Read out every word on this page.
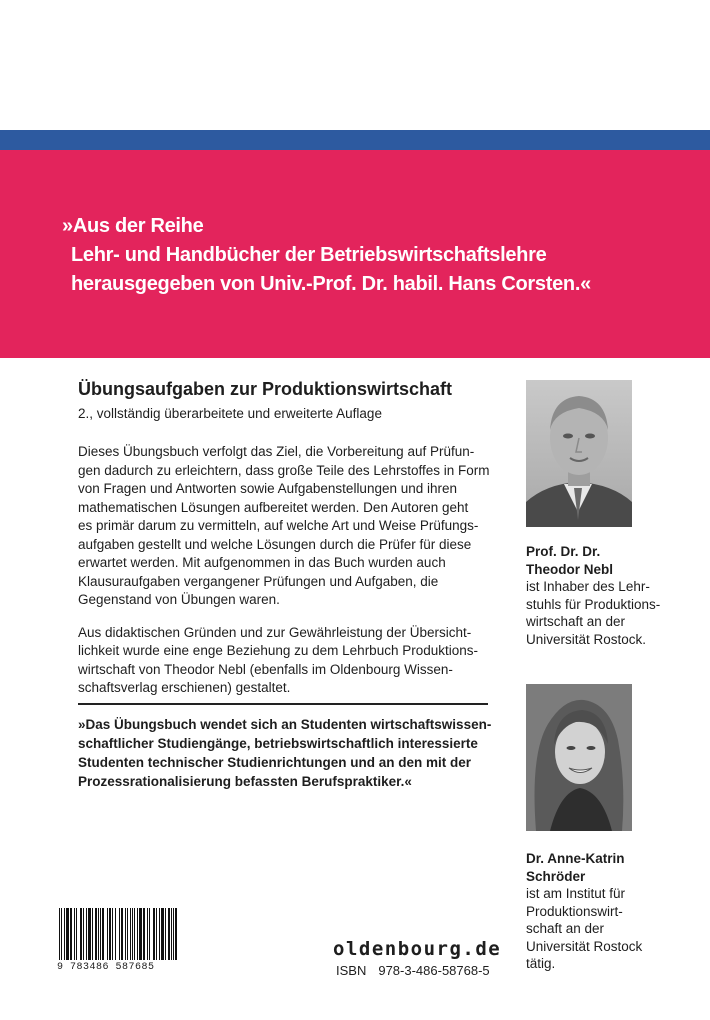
»Aus der Reihe
Lehr- und Handbücher der Betriebswirtschaftslehre
herausgegeben von Univ.-Prof. Dr. habil. Hans Corsten.«
Übungsaufgaben zur Produktionswirtschaft
2., vollständig überarbeitete und erweiterte Auflage
Dieses Übungsbuch verfolgt das Ziel, die Vorbereitung auf Prüfun-
gen dadurch zu erleichtern, dass große Teile des Lehrstoffes in Form
von Fragen und Antworten sowie Aufgabenstellungen und ihren
mathematischen Lösungen aufbereitet werden. Den Autoren geht
es primär darum zu vermitteln, auf welche Art und Weise Prüfungs-
aufgaben gestellt und welche Lösungen durch die Prüfer für diese
erwartet werden. Mit aufgenommen in das Buch wurden auch
Klausuraufgaben vergangener Prüfungen und Aufgaben, die
Gegenstand von Übungen waren.
Aus didaktischen Gründen und zur Gewährleistung der Übersicht-
lichkeit wurde eine enge Beziehung zu dem Lehrbuch Produktions-
wirtschaft von Theodor Nebl (ebenfalls im Oldenbourg Wissen-
schaftsverlag erschienen) gestaltet.
»Das Übungsbuch wendet sich an Studenten wirtschaftswissen-
schaftlicher Studiengänge, betriebswirtschaftlich interessierte
Studenten technischer Studienrichtungen und an den mit der
Prozessrationalisierung befassten Berufspraktiker.«
Prof. Dr. Dr.
Theodor Nebl
ist Inhaber des Lehr-
stuhls für Produktions-
wirtschaft an der
Universität Rostock.
Dr. Anne-Katrin
Schröder
ist am Institut für
Produktionswirt-
schaft an der
Universität Rostock
tätig.
9 783486 587685
oldenbourg.de
ISBN 978-3-486-58768-5
